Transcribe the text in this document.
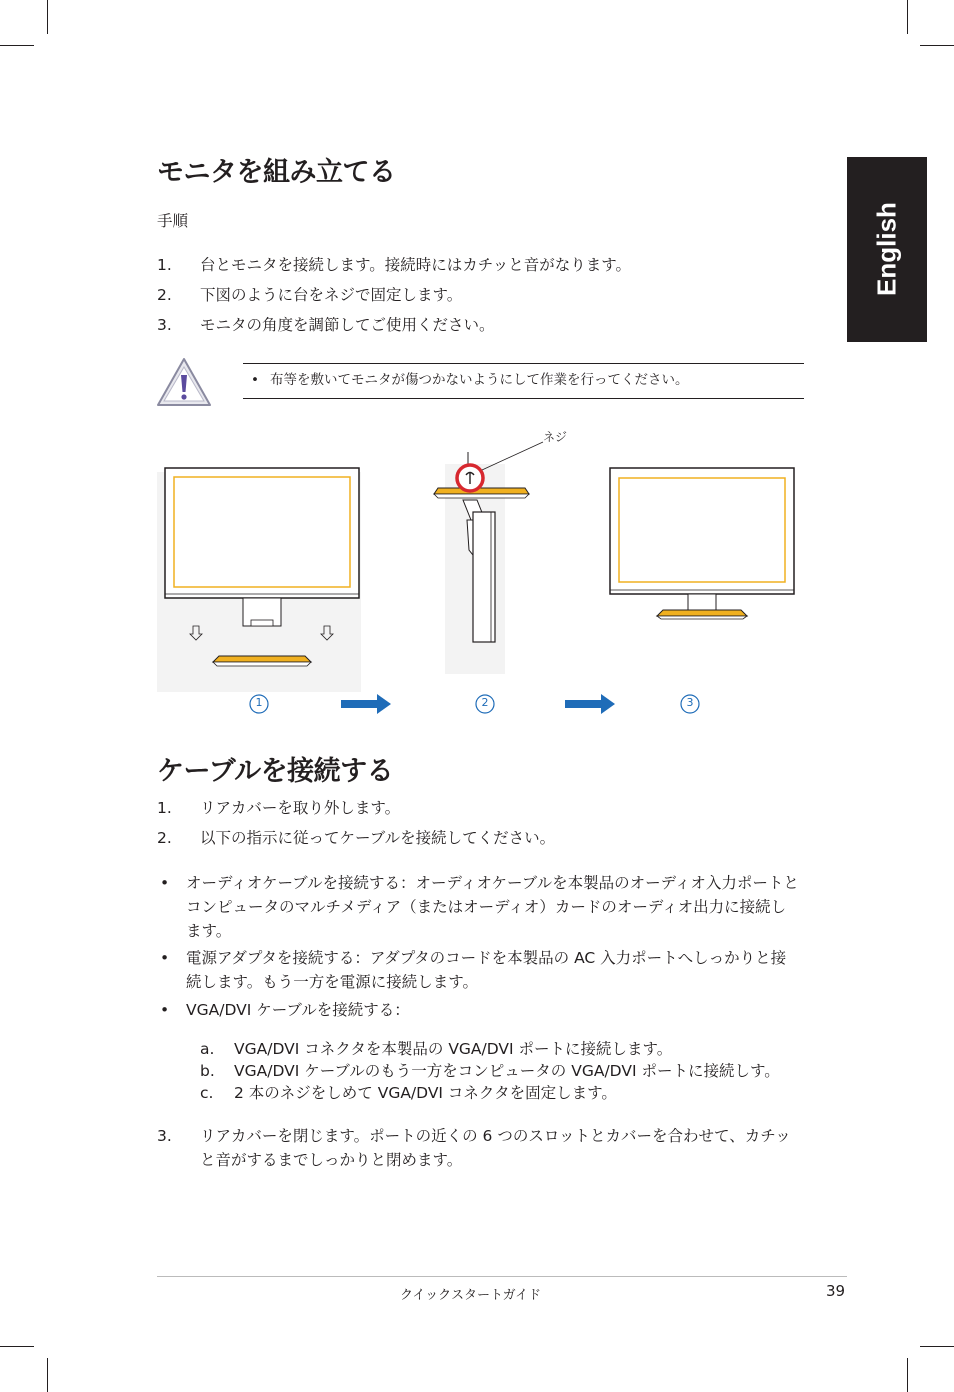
English
モニタを組み立てる
手順
1. 台とモニタを接続します。接続時にはカチッと音がなります。
2. 下図のように台をネジで固定します。
3. モニタの角度を調節してご使用ください。
• 布等を敷いてモニタが傷つかないようにして作業を行ってください。
ネジ
1	2	3
ケーブルを接続する
1. リアカバーを取り外します。
2. 以下の指示に従ってケーブルを接続してください。
• オーディオケーブルを接続する：オーディオケーブルを本製品のオーディオ入力ポートとコンピュータのマルチメディア（またはオーディオ）カードのオーディオ出力に接続します。
• 電源アダプタを接続する：アダプタのコードを本製品の AC 入力ポートへしっかりと接続します。もう一方を電源に接続します。
• VGA/DVI ケーブルを接続する：
a. VGA/DVI コネクタを本製品の VGA/DVI ポートに接続します。
b. VGA/DVI ケーブルのもう一方をコンピュータの VGA/DVI ポートに接続しす。
c. 2 本のネジをしめて VGA/DVI コネクタを固定します。
3. リアカバーを閉じます。ポートの近くの 6 つのスロットとカバーを合わせて、カチッと音がするまでしっかりと閉めます。
クイックスタートガイド	39
